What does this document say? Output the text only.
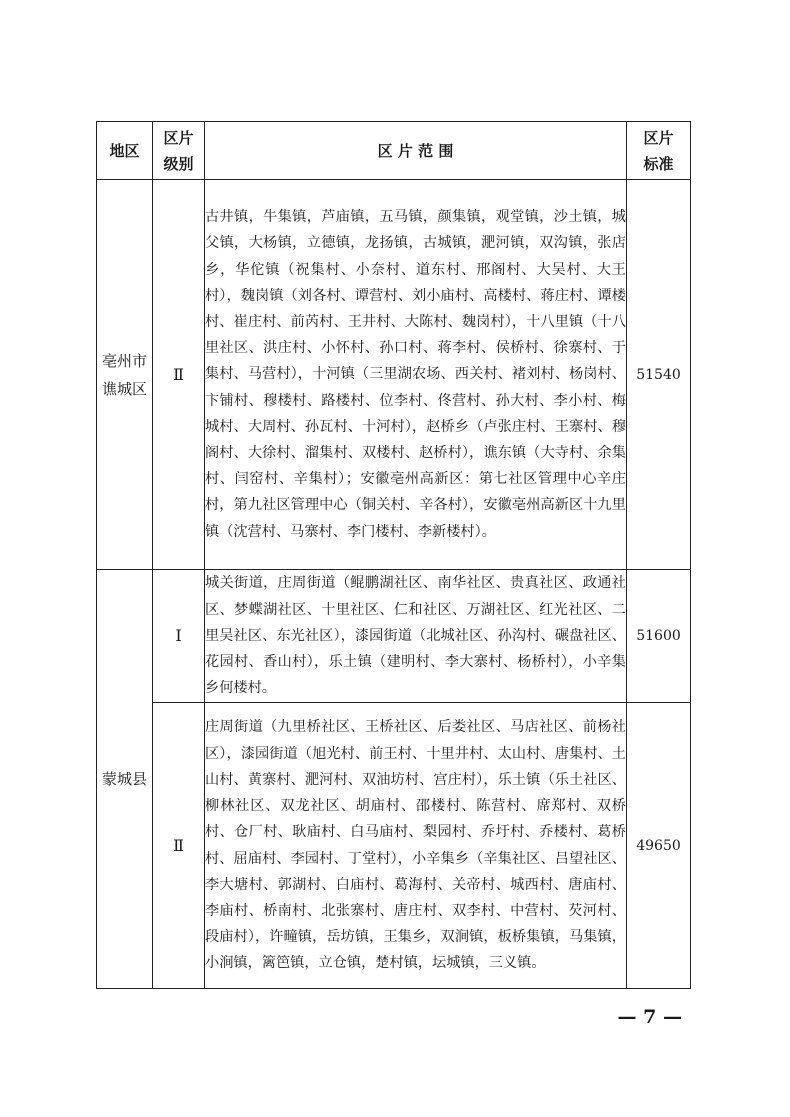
地区	区片级别	区 片 范 围	区片标准
亳州市谯城区	Ⅱ	古井镇，牛集镇，芦庙镇，五马镇，颜集镇，观堂镇，沙土镇，城父镇，大杨镇，立德镇，龙扬镇，古城镇，淝河镇，双沟镇，张店乡，华佗镇（祝集村、小奈村、道东村、邢阁村、大吴村、大王村），魏岗镇（刘各村、谭营村、刘小庙村、高楼村、蒋庄村、谭楼村、崔庄村、前芮村、王井村、大陈村、魏岗村），十八里镇（十八里社区、洪庄村、小怀村、孙口村、蒋李村、侯桥村、徐寨村、于集村、马营村），十河镇（三里湖农场、西关村、褚刘村、杨岗村、卞铺村、穆楼村、路楼村、位李村、佟营村、孙大村、李小村、梅城村、大周村、孙瓦村、十河村），赵桥乡（卢张庄村、王寨村、穆阁村、大徐村、溜集村、双楼村、赵桥村），谯东镇（大寺村、余集村、闫窑村、辛集村）；安徽亳州高新区：第七社区管理中心辛庄村，第九社区管理中心（铜关村、辛各村），安徽亳州高新区十九里镇（沈营村、马寨村、李门楼村、李新楼村）。	51540
蒙城县	Ⅰ	城关街道，庄周街道（鲲鹏湖社区、南华社区、贵真社区、政通社区、梦蝶湖社区、十里社区、仁和社区、万湖社区、红光社区、二里吴社区、东光社区），漆园街道（北城社区、孙沟村、碾盘社区、花园村、香山村），乐土镇（建明村、李大寨村、杨桥村），小辛集乡何楼村。	51600
	Ⅱ	庄周街道（九里桥社区、王桥社区、后娄社区、马店社区、前杨社区），漆园街道（旭光村、前王村、十里井村、太山村、唐集村、土山村、黄寨村、淝河村、双油坊村、宫庄村），乐土镇（乐土社区、柳林社区、双龙社区、胡庙村、邵楼村、陈营村、席郑村、双桥村、仓厂村、耿庙村、白马庙村、梨园村、乔圩村、乔楼村、葛桥村、屈庙村、李园村、丁堂村），小辛集乡（辛集社区、吕望社区、李大塘村、郭湖村、白庙村、葛海村、关帝村、城西村、唐庙村、李庙村、桥南村、北张寨村、唐庄村、双李村、中营村、芡河村、段庙村），许疃镇，岳坊镇，王集乡，双涧镇，板桥集镇，马集镇，小涧镇，篱笆镇，立仓镇，楚村镇，坛城镇，三义镇。	49650
— 7 —
